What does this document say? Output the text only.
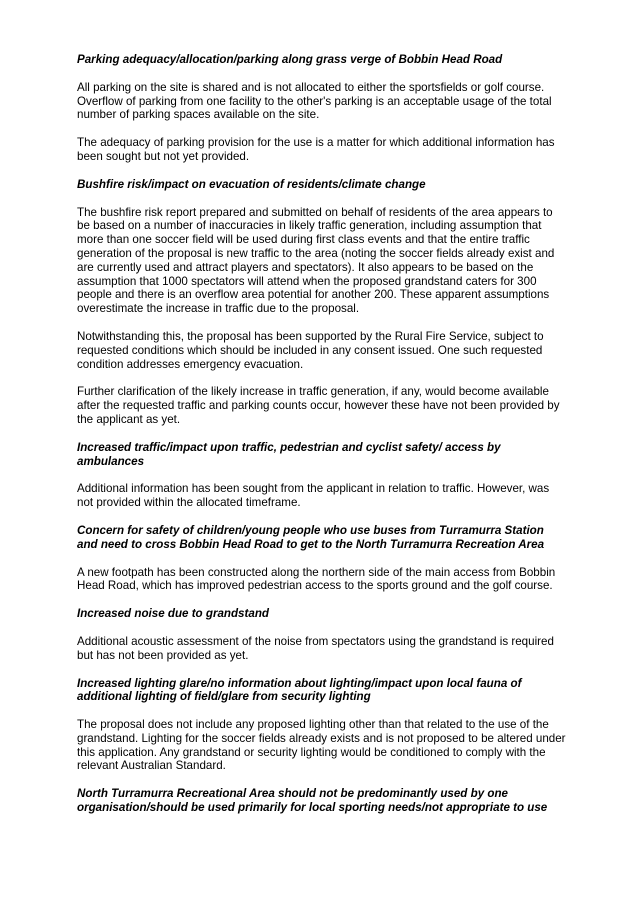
Parking adequacy/allocation/parking along grass verge of Bobbin Head Road

All parking on the site is shared and is not allocated to either the sportsfields or golf course. Overflow of parking from one facility to the other's parking is an acceptable usage of the total number of parking spaces available on the site.

The adequacy of parking provision for the use is a matter for which additional information has been sought but not yet provided.

Bushfire risk/impact on evacuation of residents/climate change

The bushfire risk report prepared and submitted on behalf of residents of the area appears to be based on a number of inaccuracies in likely traffic generation, including assumption that more than one soccer field will be used during first class events and that the entire traffic generation of the proposal is new traffic to the area (noting the soccer fields already exist and are currently used and attract players and spectators). It also appears to be based on the assumption that 1000 spectators will attend when the proposed grandstand caters for 300 people and there is an overflow area potential for another 200. These apparent assumptions overestimate the increase in traffic due to the proposal.

Notwithstanding this, the proposal has been supported by the Rural Fire Service, subject to requested conditions which should be included in any consent issued. One such requested condition addresses emergency evacuation.

Further clarification of the likely increase in traffic generation, if any, would become available after the requested traffic and parking counts occur, however these have not been provided by the applicant as yet.

Increased traffic/impact upon traffic, pedestrian and cyclist safety/ access by ambulances

Additional information has been sought from the applicant in relation to traffic. However, was not provided within the allocated timeframe.

Concern for safety of children/young people who use buses from Turramurra Station and need to cross Bobbin Head Road to get to the North Turramurra Recreation Area

A new footpath has been constructed along the northern side of the main access from Bobbin Head Road, which has improved pedestrian access to the sports ground and the golf course.

Increased noise due to grandstand

Additional acoustic assessment of the noise from spectators using the grandstand is required but has not been provided as yet.

Increased lighting glare/no information about lighting/impact upon local fauna of additional lighting of field/glare from security lighting

The proposal does not include any proposed lighting other than that related to the use of the grandstand. Lighting for the soccer fields already exists and is not proposed to be altered under this application. Any grandstand or security lighting would be conditioned to comply with the relevant Australian Standard.

North Turramurra Recreational Area should not be predominantly used by one organisation/should be used primarily for local sporting needs/not appropriate to use
